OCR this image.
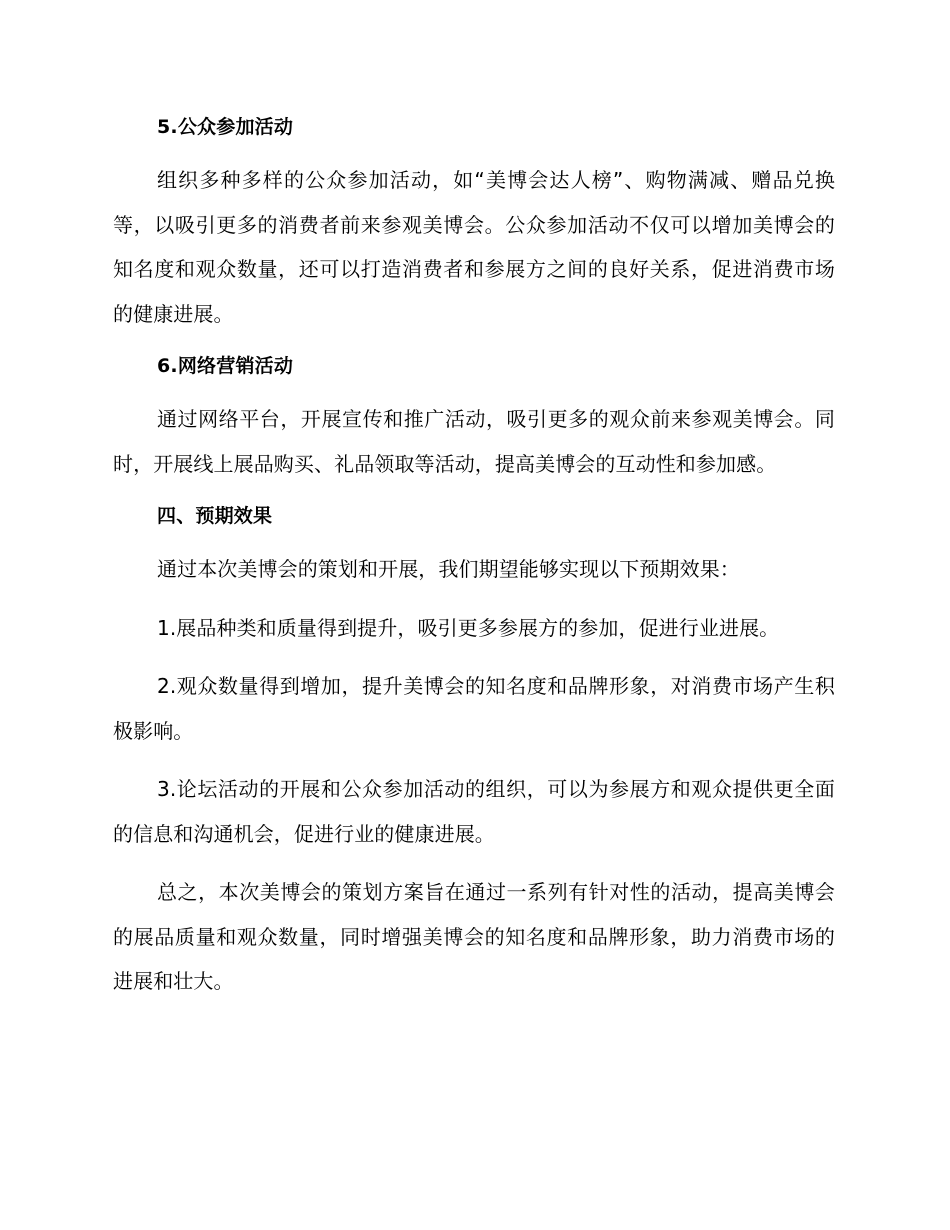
5.公众参加活动

组织多种多样的公众参加活动，如“美博会达人榜”、购物满减、赠品兑换等，以吸引更多的消费者前来参观美博会。公众参加活动不仅可以增加美博会的知名度和观众数量，还可以打造消费者和参展方之间的良好关系，促进消费市场的健康进展。

6.网络营销活动

通过网络平台，开展宣传和推广活动，吸引更多的观众前来参观美博会。同时，开展线上展品购买、礼品领取等活动，提高美博会的互动性和参加感。

四、预期效果

通过本次美博会的策划和开展，我们期望能够实现以下预期效果：

1.展品种类和质量得到提升，吸引更多参展方的参加，促进行业进展。

2.观众数量得到增加，提升美博会的知名度和品牌形象，对消费市场产生积极影响。

3.论坛活动的开展和公众参加活动的组织，可以为参展方和观众提供更全面的信息和沟通机会，促进行业的健康进展。

总之，本次美博会的策划方案旨在通过一系列有针对性的活动，提高美博会的展品质量和观众数量，同时增强美博会的知名度和品牌形象，助力消费市场的进展和壮大。
